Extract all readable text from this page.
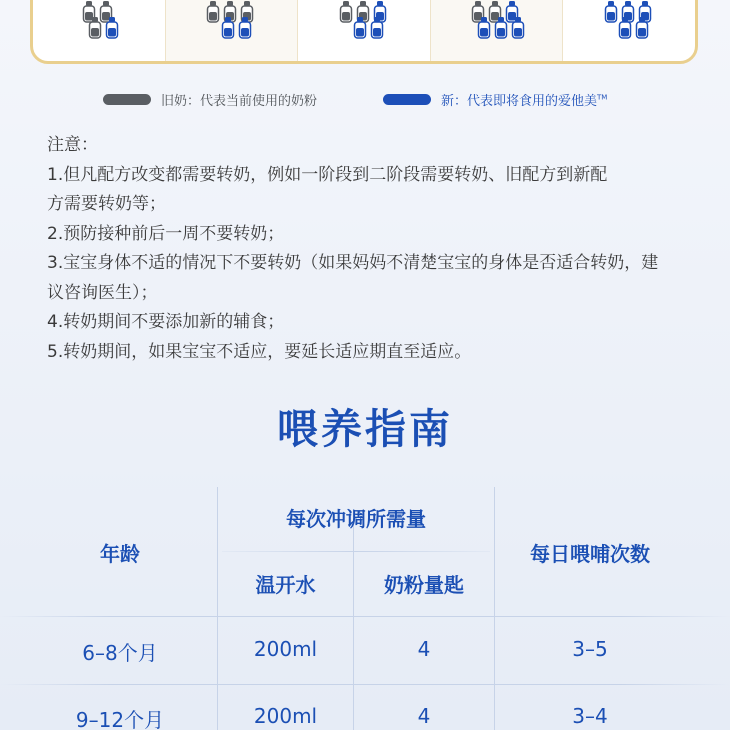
旧奶：代表当前使用的奶粉	新：代表即将食用的爱他美™

注意：

1.但凡配方改变都需要转奶，例如一阶段到二阶段需要转奶、旧配方到新配

方需要转奶等；

2.预防接种前后一周不要转奶；

3.宝宝身体不适的情况下不要转奶（如果妈妈不清楚宝宝的身体是否适合转奶，建

议咨询医生）；

4.转奶期间不要添加新的辅食；

5.转奶期间，如果宝宝不适应，要延长适应期直至适应。

喂养指南
年龄
每次冲调所需量
温开水	奶粉量匙
每日喂哺次数
6–8个月	200ml	4	3–5
9–12个月	200ml	4	3–4
